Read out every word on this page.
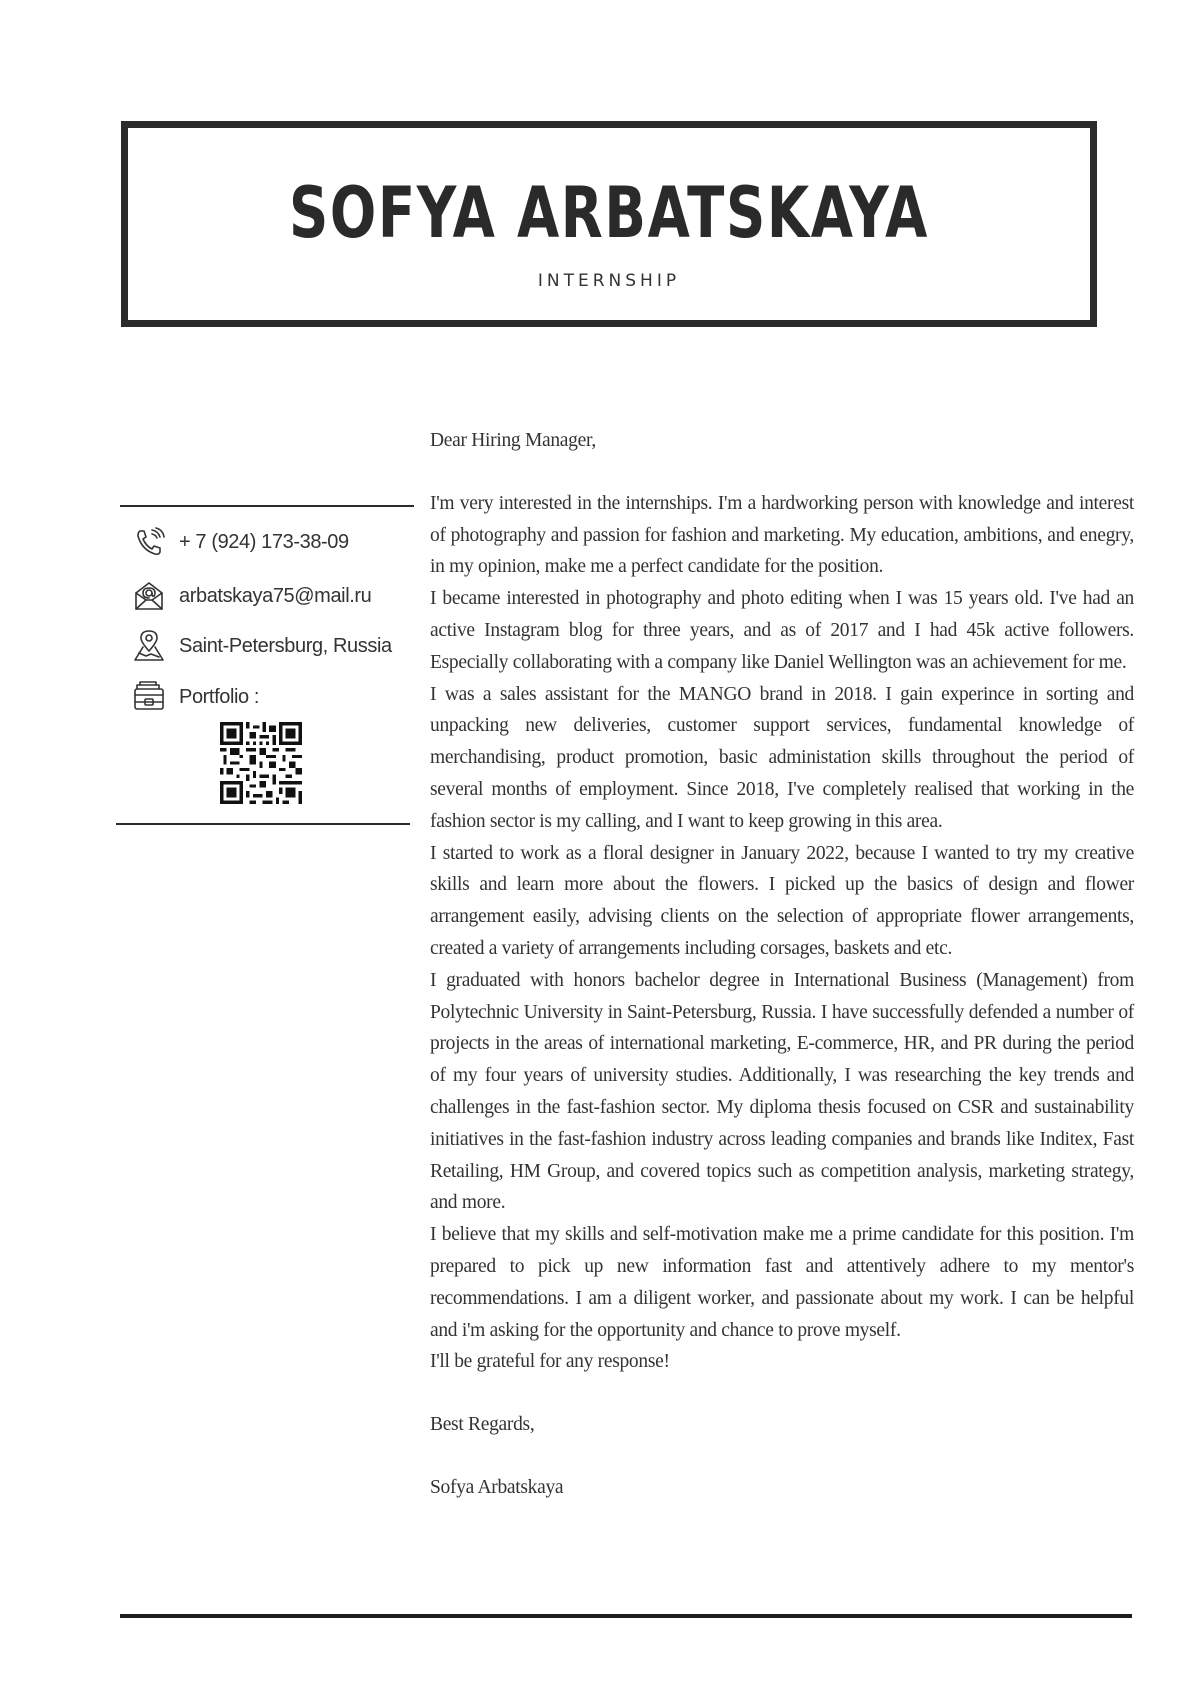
SOFYA ARBATSKAYA
INTERNSHIP
+ 7 (924) 173-38-09
arbatskaya75@mail.ru
Saint-Petersburg, Russia
Portfolio :

Dear Hiring Manager,

I'm very interested in the internships. I'm a hardworking person with knowledge and interest of photography and passion for fashion and marketing. My education, ambitions, and enegry, in my opinion, make me a perfect candidate for the position.

I became interested in photography and photo editing when I was 15 years old. I've had an active Instagram blog for three years, and as of 2017 and I had 45k active followers. Especially collaborating with a company like Daniel Wellington was an achievement for me.

I was a sales assistant for the MANGO brand in 2018. I gain experince in sorting and unpacking new deliveries, customer support services, fundamental knowledge of merchandising, product promotion, basic administation skills throughout the period of several months of employment. Since 2018, I've completely realised that working in the fashion sector is my calling, and I want to keep growing in this area.

I started to work as a floral designer in January 2022, because I wanted to try my creative skills and learn more about the flowers. I picked up the basics of design and flower arrangement easily, advising clients on the selection of appropriate flower arrangements, created a variety of arrangements including corsages, baskets and etc.

I graduated with honors bachelor degree in International Business (Management) from Polytechnic University in Saint-Petersburg, Russia. I have successfully defended a number of projects in the areas of international marketing, E-commerce, HR, and PR during the period of my four years of university studies. Additionally, I was researching the key trends and challenges in the fast-fashion sector. My diploma thesis focused on CSR and sustainability initiatives in the fast-fashion industry across leading companies and brands like Inditex, Fast Retailing, HM Group, and covered topics such as competition analysis, marketing strategy, and more.

I believe that my skills and self-motivation make me a prime candidate for this position. I'm prepared to pick up new information fast and attentively adhere to my mentor's recommendations. I am a diligent worker, and passionate about my work. I can be helpful and i'm asking for the opportunity and chance to prove myself.

I'll be grateful for any response!

Best Regards,

Sofya Arbatskaya
